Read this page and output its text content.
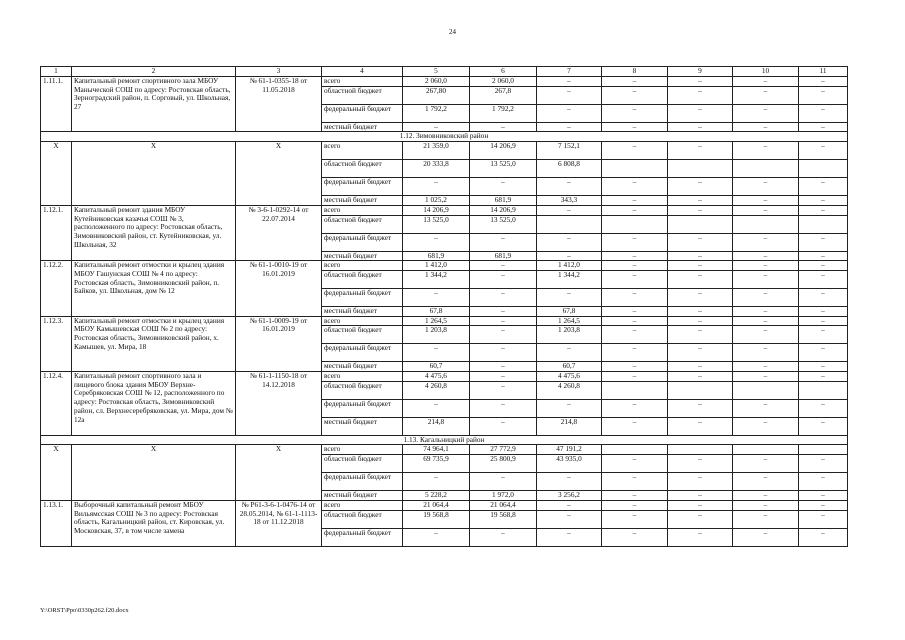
24
1	2	3	4	5	6	7	8	9	10	11
1.11.1.	Капитальный ремонт спортивного зала МБОУ Маныческой СОШ по адресу: Ростовская область, Зерноградский район, п. Сорговый, ул. Школьная, 27	№ 61-1-0355-18 от 11.05.2018	всего	2 060,0	2 060,0	–	–	–	–	–
			областной бюджет	267,80	267,8	–	–	–	–	–
			федеральный бюджет	1 792,2	1 792,2	–	–	–	–	–
			местный бюджет	–	–	–	–	–	–	–
1.12. Зимовниковский район										
X	X	X	всего	21 359,0	14 206,9	7 152,1	–	–	–	–
			областной бюджет	20 333,8	13 525,0	6 808,8				
			федеральный бюджет	–	–	–	–	–	–	–
			местный бюджет	1 025,2	681,9	343,3	–	–	–	–
1.12.1.	Капитальный ремонт здания МБОУ Кутейниковская казачья СОШ № 3, расположенного по адресу: Ростовская область, Зимовниковский район, ст. Кутейниковская, ул. Школьная, 32	№ 3-6-1-0292-14 от 22.07.2014	всего	14 206,9	14 206,9	–	–	–	–	–
			областной бюджет	13 525,0	13 525,0					
			федеральный бюджет	–	–	–	–	–	–	–
			местный бюджет	681,9	681,9	–	–	–	–	–
1.12.2.	Капитальный ремонт отмостки и крылец здания МБОУ Гашунская СОШ № 4 по адресу: Ростовская область, Зимовниковский район, п. Байков, ул. Школьная, дом № 12	№ 61-1-0010-19 от 16.01.2019	всего	1 412,0	–	1 412,0	–	–	–	–
			областной бюджет	1 344,2	–	1 344,2	–	–	–	–
			федеральный бюджет	–	–	–	–	–	–	–
			местный бюджет	67,8	–	67,8	–	–	–	–
1.12.3.	Капитальный ремонт отмостки и крылец здания МБОУ Камышевская СОШ № 2 по адресу: Ростовская область, Зимовниковский район, х. Камышев, ул. Мира, 18	№ 61-1-0009-19 от 16.01.2019	всего	1 264,5	–	1 264,5	–	–	–	–
			областной бюджет	1 203,8	–	1 203,8	–	–	–	–
			федеральный бюджет	–	–	–	–	–	–	–
			местный бюджет	60,7	–	60,7	–	–	–	–
1.12.4.	Капитальный ремонт спортивного зала и пищевого блока здания МБОУ Верхне-Серебряковская СОШ № 12, расположенного по адресу: Ростовская область, Зимовниковский район, сл. Верхнесеребряковская, ул. Мира, дом № 12а	№ 61-1-1150-18 от 14.12.2018	всего	4 475,6	–	4 475,6	–	–	–	–
			областной бюджет	4 260,8	–	4 260,8				
			федеральный бюджет	–	–	–	–	–	–	–
			местный бюджет	214,8	–	214,8	–	–	–	–
1.13. Кагальницкий район										
X	X	X	всего	74 964,1	27 772,9	47 191,2				
			областной бюджет	69 735,9	25 800,9	43 935,0	–	–	–	–
			федеральный бюджет	–	–	–	–	–	–	–
			местный бюджет	5 228,2	1 972,0	3 256,2	–	–	–	–
1.13.1.	Выборочный капитальный ремонт МБОУ Вильямсская СОШ № 3 по адресу: Ростовская область, Кагальницкий район, ст. Кировская, ул. Московская, 37, в том числе замена	№ Р61-3-6-1-0476-14 от 28.05.2014, № 61-1-1113-18 от 11.12.2018	всего	21 064,4	21 064,4	–	–	–	–	–
			областной бюджет	19 568,8	19 568,8	–	–	–	–	–
			федеральный бюджет	–	–	–	–	–	–	–
Y:\ORST\Ppo\0330p262.f20.docx
